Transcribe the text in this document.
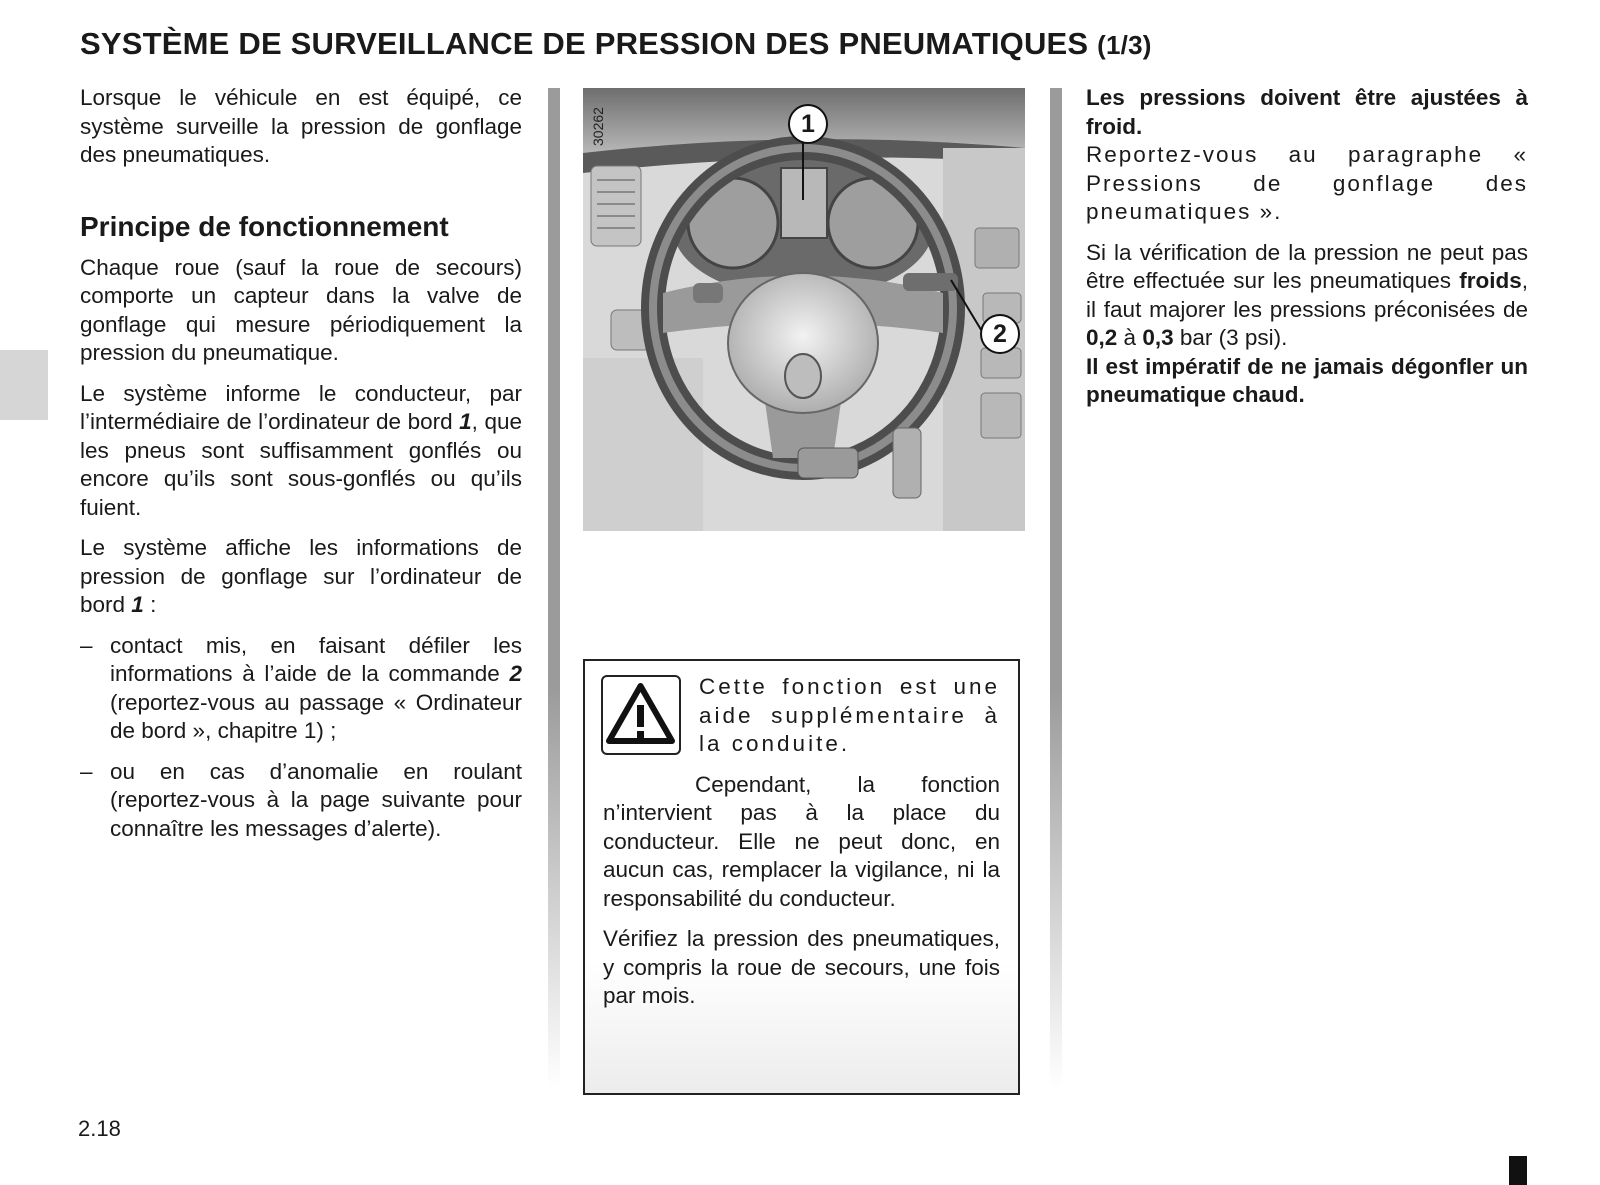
SYSTÈME DE SURVEILLANCE DE PRESSION DES PNEUMATIQUES (1/3)

Lorsque le véhicule en est équipé, ce système surveille la pression de gonflage des pneumatiques.

Principe de fonctionnement

Chaque roue (sauf la roue de secours) comporte un capteur dans la valve de gonflage qui mesure périodiquement la pression du pneumatique.

Le système informe le conducteur, par l’intermédiaire de l’ordinateur de bord 1, que les pneus sont suffisamment gonflés ou encore qu’ils sont sous-gonflés ou qu’ils fuient.

Le système affiche les informations de pression de gonflage sur l’ordinateur de bord 1 :

– contact mis, en faisant défiler les informations à l’aide de la commande 2 (reportez-vous au passage « Ordinateur de bord », chapitre 1) ;
– ou en cas d’anomalie en roulant (reportez-vous à la page suivante pour connaître les messages d’alerte).
30262	1
2

Cette fonction est une aide supplémentaire à la conduite.

Cependant, la fonction n’intervient pas à la place du conducteur. Elle ne peut donc, en aucun cas, remplacer la vigilance, ni la responsabilité du conducteur.

Vérifiez la pression des pneumatiques, y compris la roue de secours, une fois par mois.

Les pressions doivent être ajustées à froid.

Reportez-vous au paragraphe « Pressions de gonflage des pneumatiques ».

Si la vérification de la pression ne peut pas être effectuée sur les pneumatiques froids, il faut majorer les pressions préconisées de 0,2 à 0,3 bar (3 psi).

Il est impératif de ne jamais dégonfler un pneumatique chaud.

2.18
